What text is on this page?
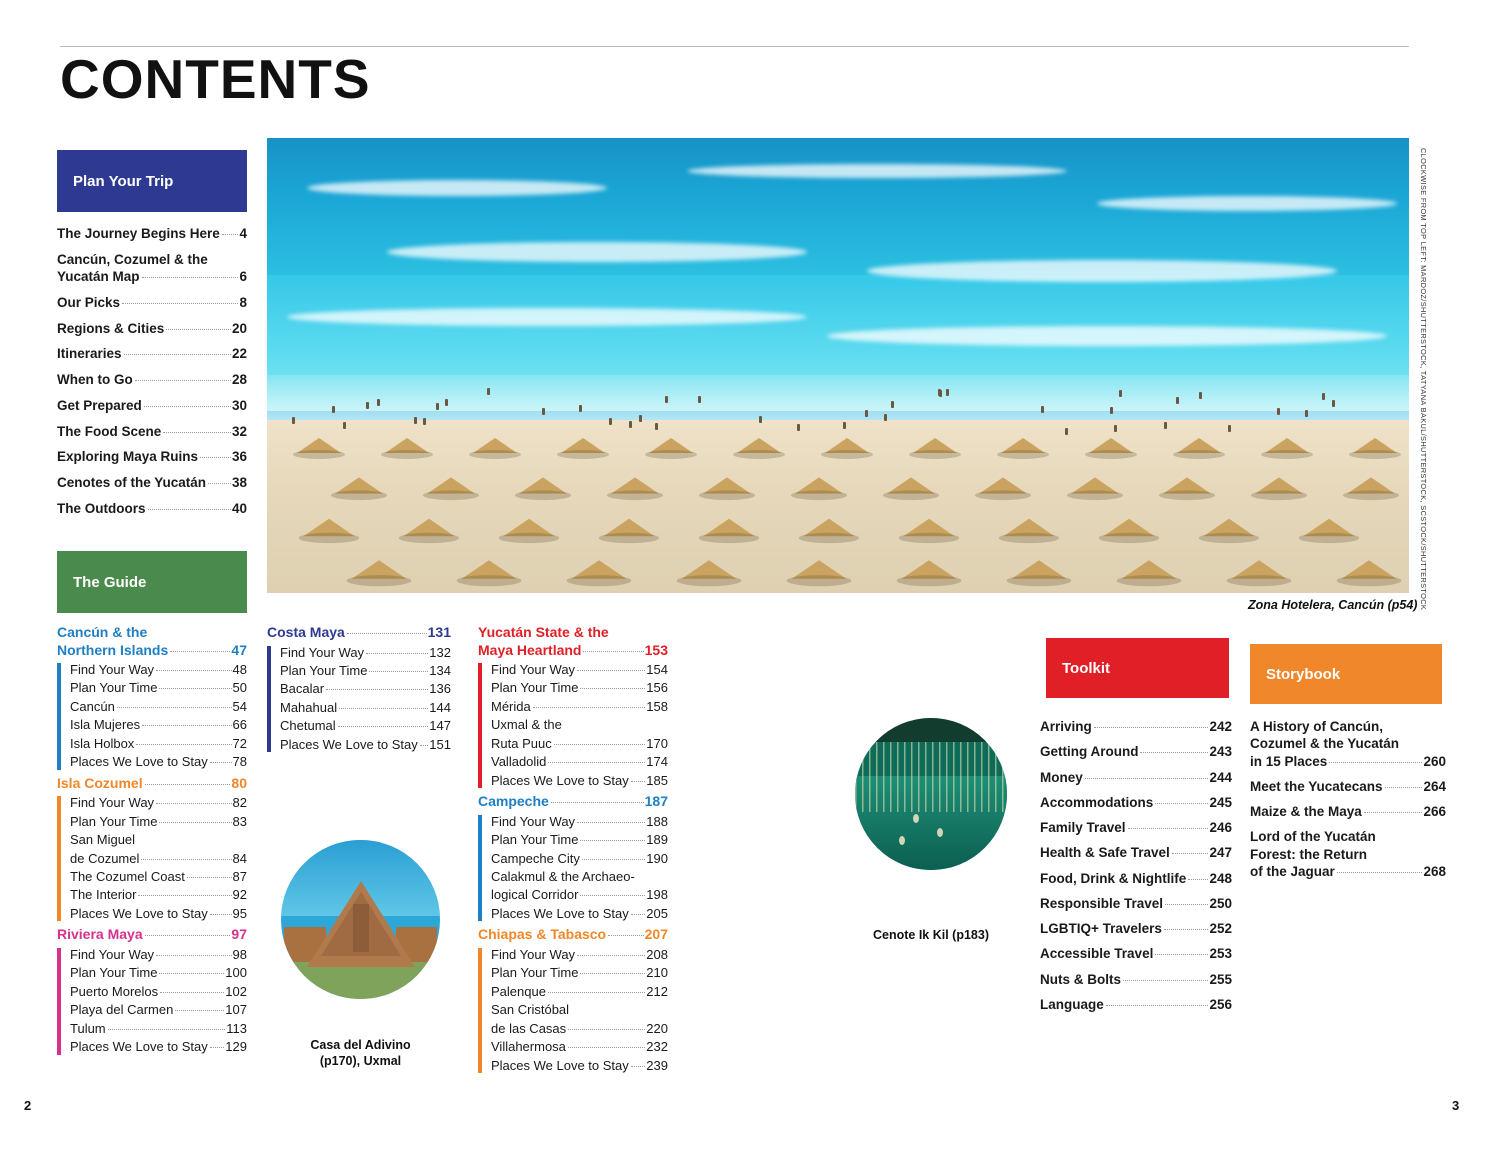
CONTENTS
2	3
Plan Your Trip
The Guide
Toolkit	Storybook
The Journey Begins Here 4
Cancún, Cozumel & the
Yucatán Map	6
Our Picks	8
Regions & Cities	20
Itineraries	22
When to Go	28
Get Prepared	30
The Food Scene	32
Exploring Maya Ruins	36
Cenotes of the Yucatán 38
The Outdoors	40
Zona Hotelera, Cancún (p54) CLOCKWISE FROM TOP LEFT: MARDOZ/SHUTTERSTOCK, TATYANA BAKUL/SHUTTERSTOCK, SCSTOCK/SHUTTERSTOCK
Cancún & the
Northern Islands	47
Find Your Way	48
Plan Your Time	50
Cancún	54
Isla Mujeres	66
Isla Holbox	72
Places We Love to Stay 78
Isla Cozumel	80
Find Your Way	82
Plan Your Time	83
San Miguel
de Cozumel	84
The Cozumel Coast	87
The Interior	92
Places We Love to Stay 95
Riviera Maya	97
Find Your Way	98
Plan Your Time	100
Puerto Morelos	102
Playa del Carmen	107
Tulum	113
Places We Love to Stay 129
Costa Maya	131
Find Your Way	132
Plan Your Time	134
Bacalar	136
Mahahual	144
Chetumal	147
Places We Love to Stay 151
Yucatán State & the
Maya Heartland	153
Find Your Way	154
Plan Your Time	156
Mérida	158
Uxmal & the
Ruta Puuc	170
Valladolid	174
Places We Love to Stay 185
Campeche	187
Find Your Way	188
Plan Your Time	189
Campeche City	190
Calakmul & the Archaeo-
logical Corridor	198
Places We Love to Stay 205
Chiapas & Tabasco	207
Find Your Way	208
Plan Your Time	210
Palenque	212
San Cristóbal
de las Casas	220
Villahermosa	232
Places We Love to Stay 239
Casa del Adivino
(p170), Uxmal
Cenote Ik Kil (p183)
Arriving	242
Getting Around	243
Money	244
Accommodations	245
Family Travel	246
Health & Safe Travel	247
Food, Drink & Nightlife 248
Responsible Travel	250
LGBTIQ+ Travelers	252
Accessible Travel	253
Nuts & Bolts	255
Language	256
A History of Cancún,
Cozumel & the Yucatán
in 15 Places	260
Meet the Yucatecans	264
Maize & the Maya	266
Lord of the Yucatán
Forest: the Return
of the Jaguar	268
